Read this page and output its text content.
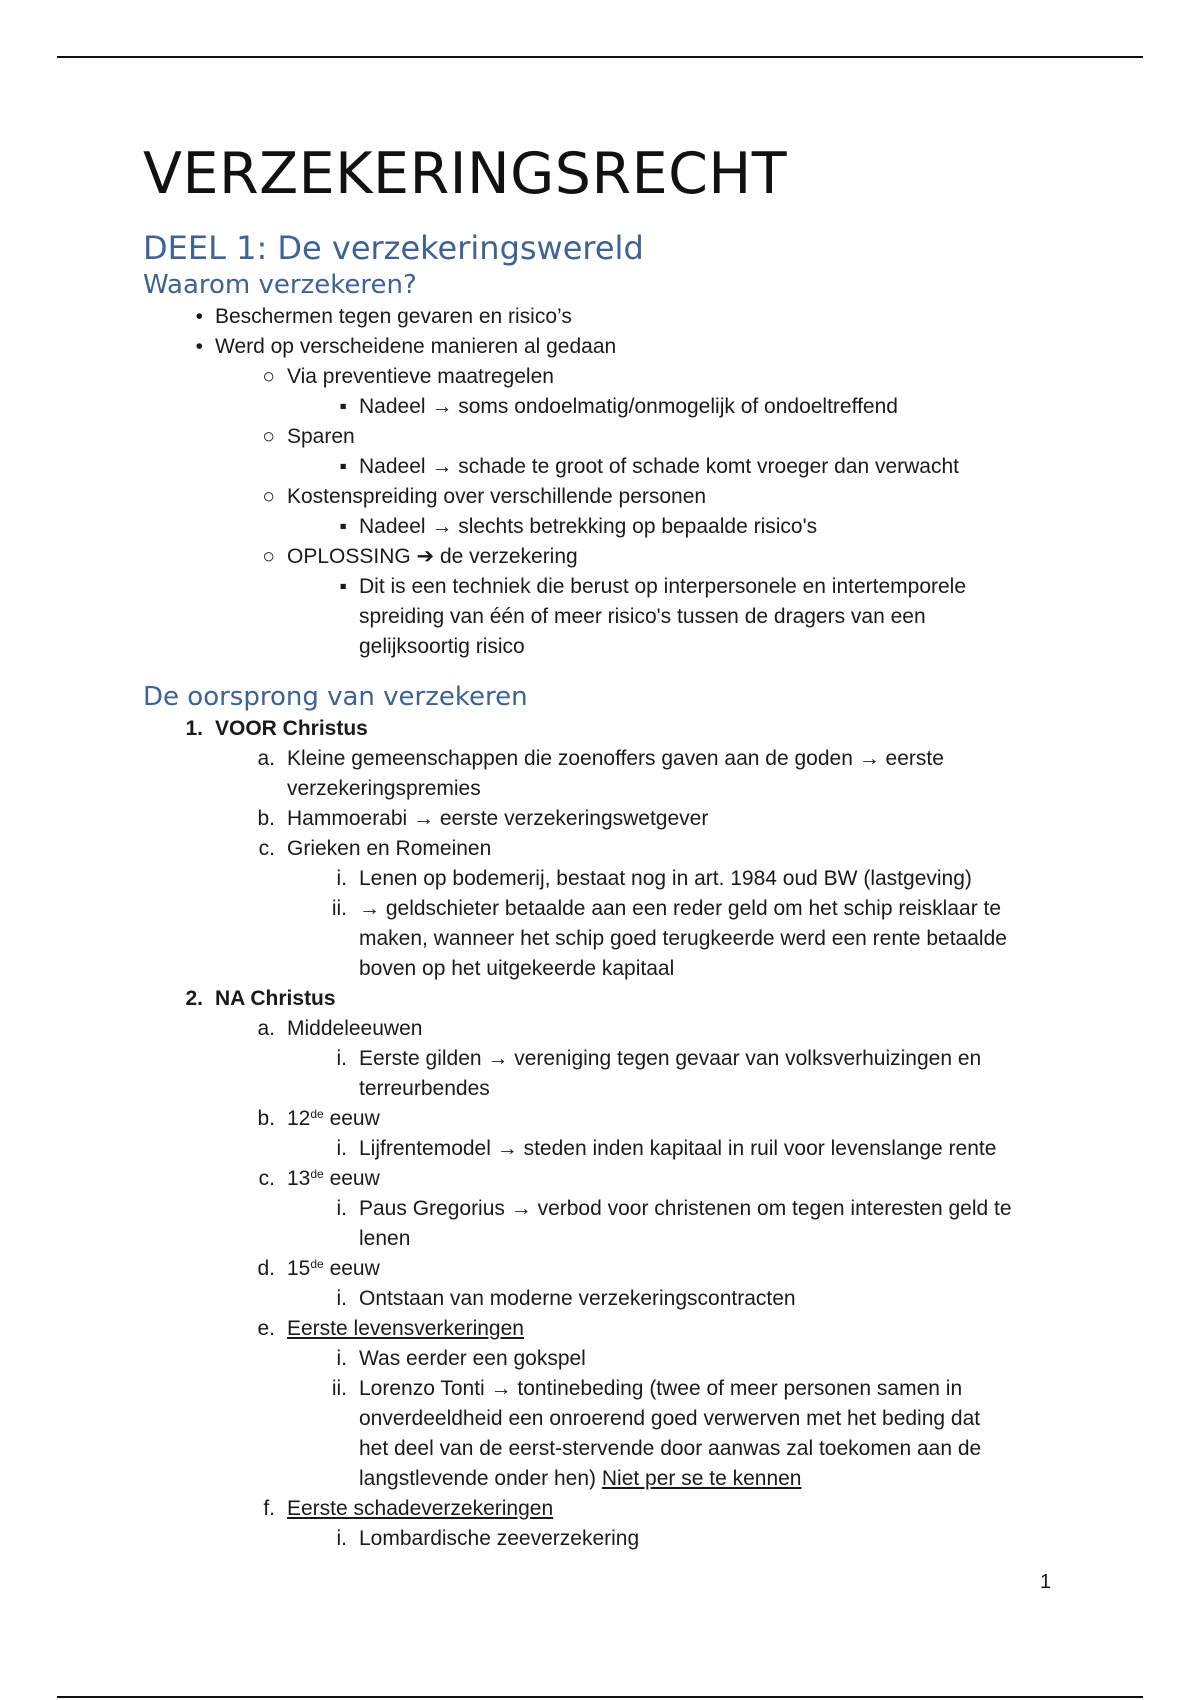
VERZEKERINGSRECHT
DEEL 1: De verzekeringswereld
Waarom verzekeren?
• Beschermen tegen gevaren en risico’s
• Werd op verscheidene manieren al gedaan
○ Via preventieve maatregelen
▪ Nadeel → soms ondoelmatig/onmogelijk of ondoeltreffend
○ Sparen
▪ Nadeel → schade te groot of schade komt vroeger dan verwacht
○ Kostenspreiding over verschillende personen
▪ Nadeel → slechts betrekking op bepaalde risico's
○ OPLOSSING ➔ de verzekering
▪ Dit is een techniek die berust op interpersonele en intertemporele
spreiding van één of meer risico's tussen de dragers van een
gelijksoortig risico
De oorsprong van verzekeren
1. VOOR Christus
a. Kleine gemeenschappen die zoenoffers gaven aan de goden → eerste
verzekeringspremies
b. Hammoerabi → eerste verzekeringswetgever
c. Grieken en Romeinen
i. Lenen op bodemerij, bestaat nog in art. 1984 oud BW (lastgeving)
ii. → geldschieter betaalde aan een reder geld om het schip reisklaar te
maken, wanneer het schip goed terugkeerde werd een rente betaalde
boven op het uitgekeerde kapitaal
2. NA Christus
a. Middeleeuwen
i. Eerste gilden → vereniging tegen gevaar van volksverhuizingen en
terreurbendes
b. 12de eeuw
i. Lijfrentemodel → steden inden kapitaal in ruil voor levenslange rente
c. 13de eeuw
i. Paus Gregorius → verbod voor christenen om tegen interesten geld te
lenen
d. 15de eeuw
i. Ontstaan van moderne verzekeringscontracten
e. Eerste levensverkeringen
i. Was eerder een gokspel
ii. Lorenzo Tonti → tontinebeding (twee of meer personen samen in
onverdeeldheid een onroerend goed verwerven met het beding dat
het deel van de eerst-stervende door aanwas zal toekomen aan de
langstlevende onder hen) Niet per se te kennen
f. Eerste schadeverzekeringen
i. Lombardische zeeverzekering
1
